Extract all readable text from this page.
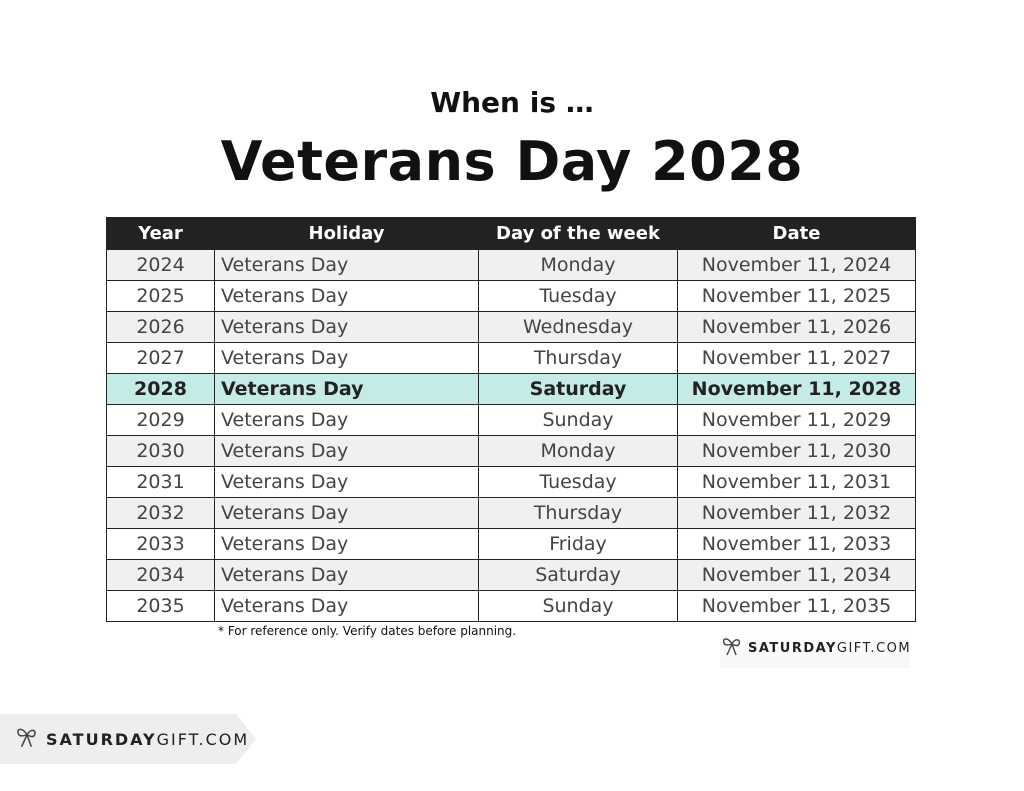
When is …
Veterans Day 2028
Year	Holiday	Day of the week	Date
2024	Veterans Day	Monday	November 11, 2024
2025	Veterans Day	Tuesday	November 11, 2025
2026	Veterans Day	Wednesday	November 11, 2026
2027	Veterans Day	Thursday	November 11, 2027
2028	Veterans Day	Saturday	November 11, 2028
2029	Veterans Day	Sunday	November 11, 2029
2030	Veterans Day	Monday	November 11, 2030
2031	Veterans Day	Tuesday	November 11, 2031
2032	Veterans Day	Thursday	November 11, 2032
2033	Veterans Day	Friday	November 11, 2033
2034	Veterans Day	Saturday	November 11, 2034
2035	Veterans Day	Sunday	November 11, 2035
* For reference only. Verify dates before planning.
SATURDAYGIFT.COM
SATURDAYGIFT.COM
